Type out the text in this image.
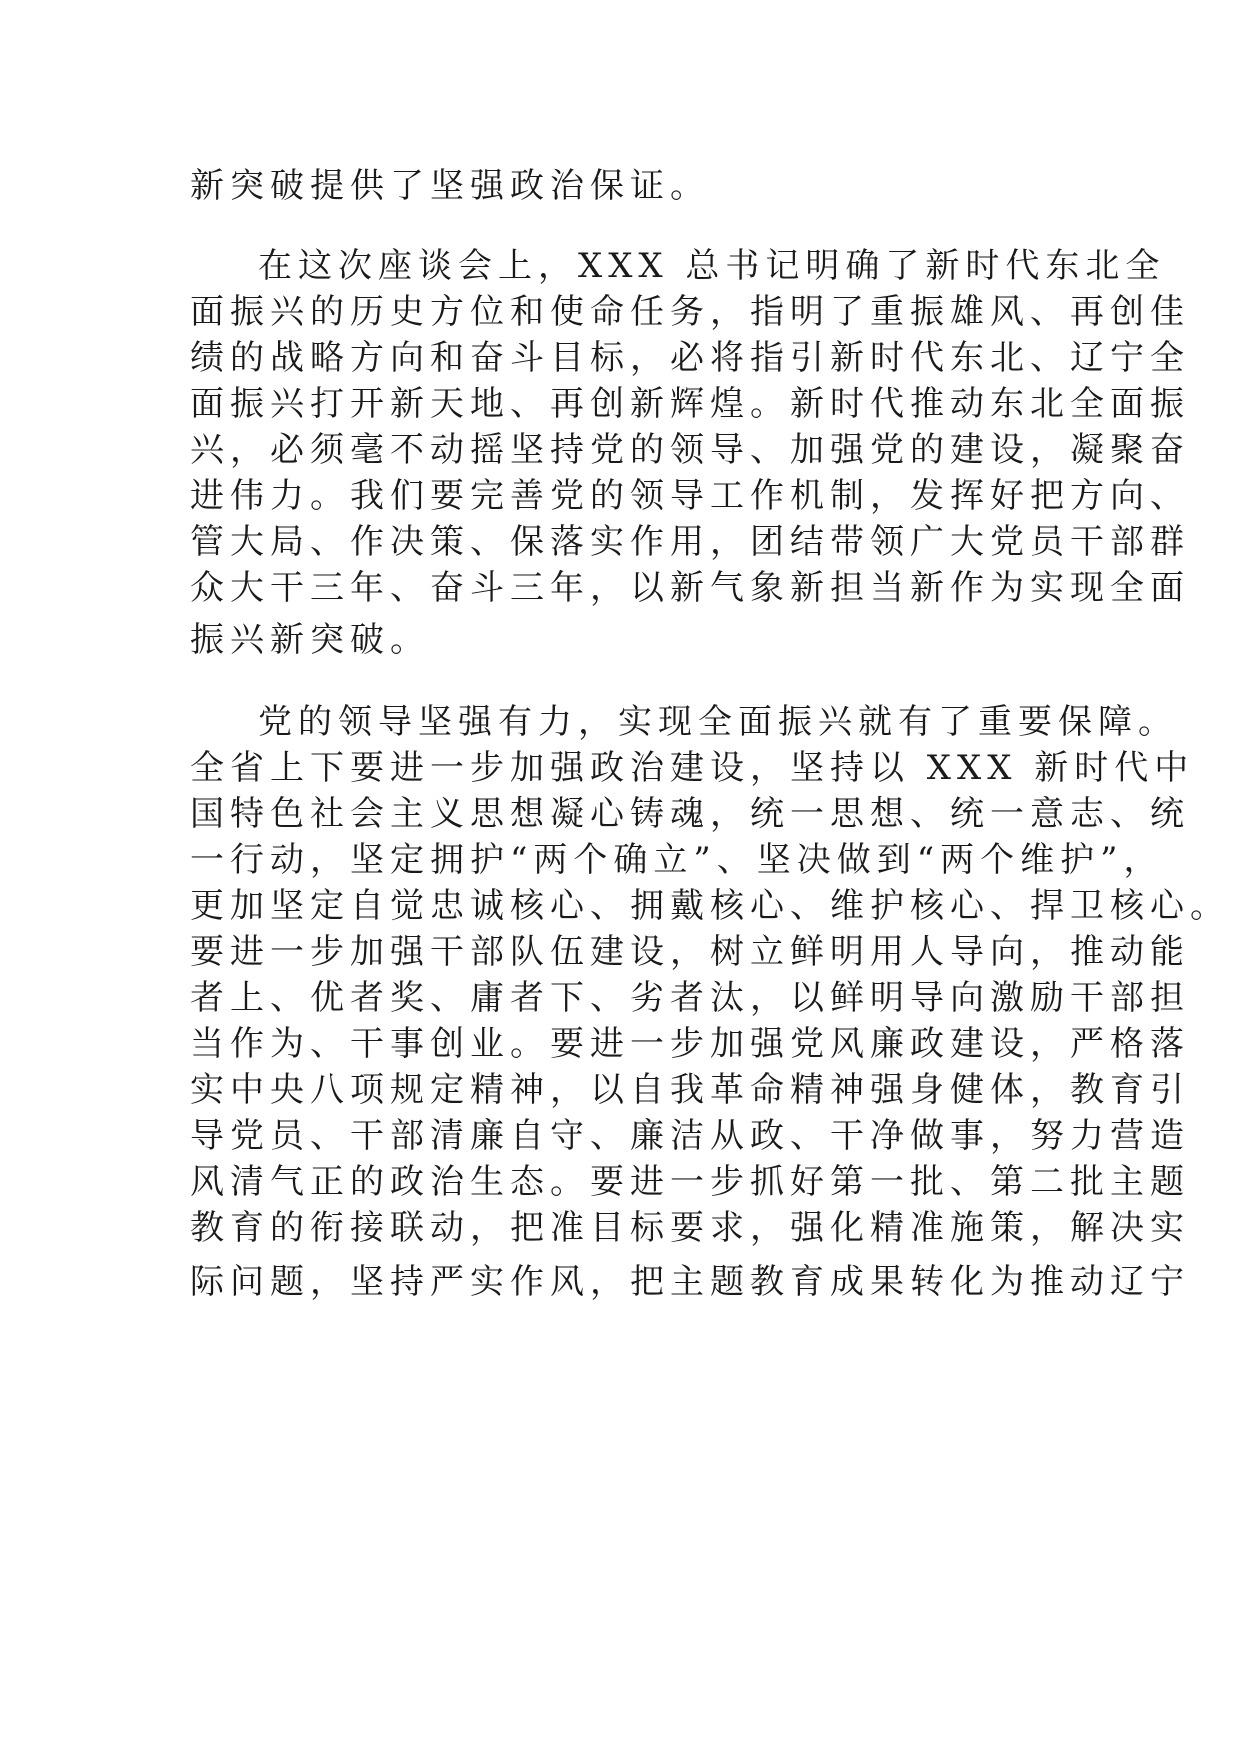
新突破提供了坚强政治保证。
在这次座谈会上，XXX 总书记明确了新时代东北全
面振兴的历史方位和使命任务，指明了重振雄风、再创佳
绩的战略方向和奋斗目标，必将指引新时代东北、辽宁全
面振兴打开新天地、再创新辉煌。新时代推动东北全面振
兴，必须毫不动摇坚持党的领导、加强党的建设，凝聚奋
进伟力。我们要完善党的领导工作机制，发挥好把方向、
管大局、作决策、保落实作用，团结带领广大党员干部群
众大干三年、奋斗三年，以新气象新担当新作为实现全面
振兴新突破。
党的领导坚强有力，实现全面振兴就有了重要保障。
全省上下要进一步加强政治建设，坚持以 XXX 新时代中
国特色社会主义思想凝心铸魂，统一思想、统一意志、统
一行动，坚定拥护“两个确立”、坚决做到“两个维护”，
更加坚定自觉忠诚核心、拥戴核心、维护核心、捍卫核心。
要进一步加强干部队伍建设，树立鲜明用人导向，推动能
者上、优者奖、庸者下、劣者汰，以鲜明导向激励干部担
当作为、干事创业。要进一步加强党风廉政建设，严格落
实中央八项规定精神，以自我革命精神强身健体，教育引
导党员、干部清廉自守、廉洁从政、干净做事，努力营造
风清气正的政治生态。要进一步抓好第一批、第二批主题
教育的衔接联动，把准目标要求，强化精准施策，解决实
际问题，坚持严实作风，把主题教育成果转化为推动辽宁
